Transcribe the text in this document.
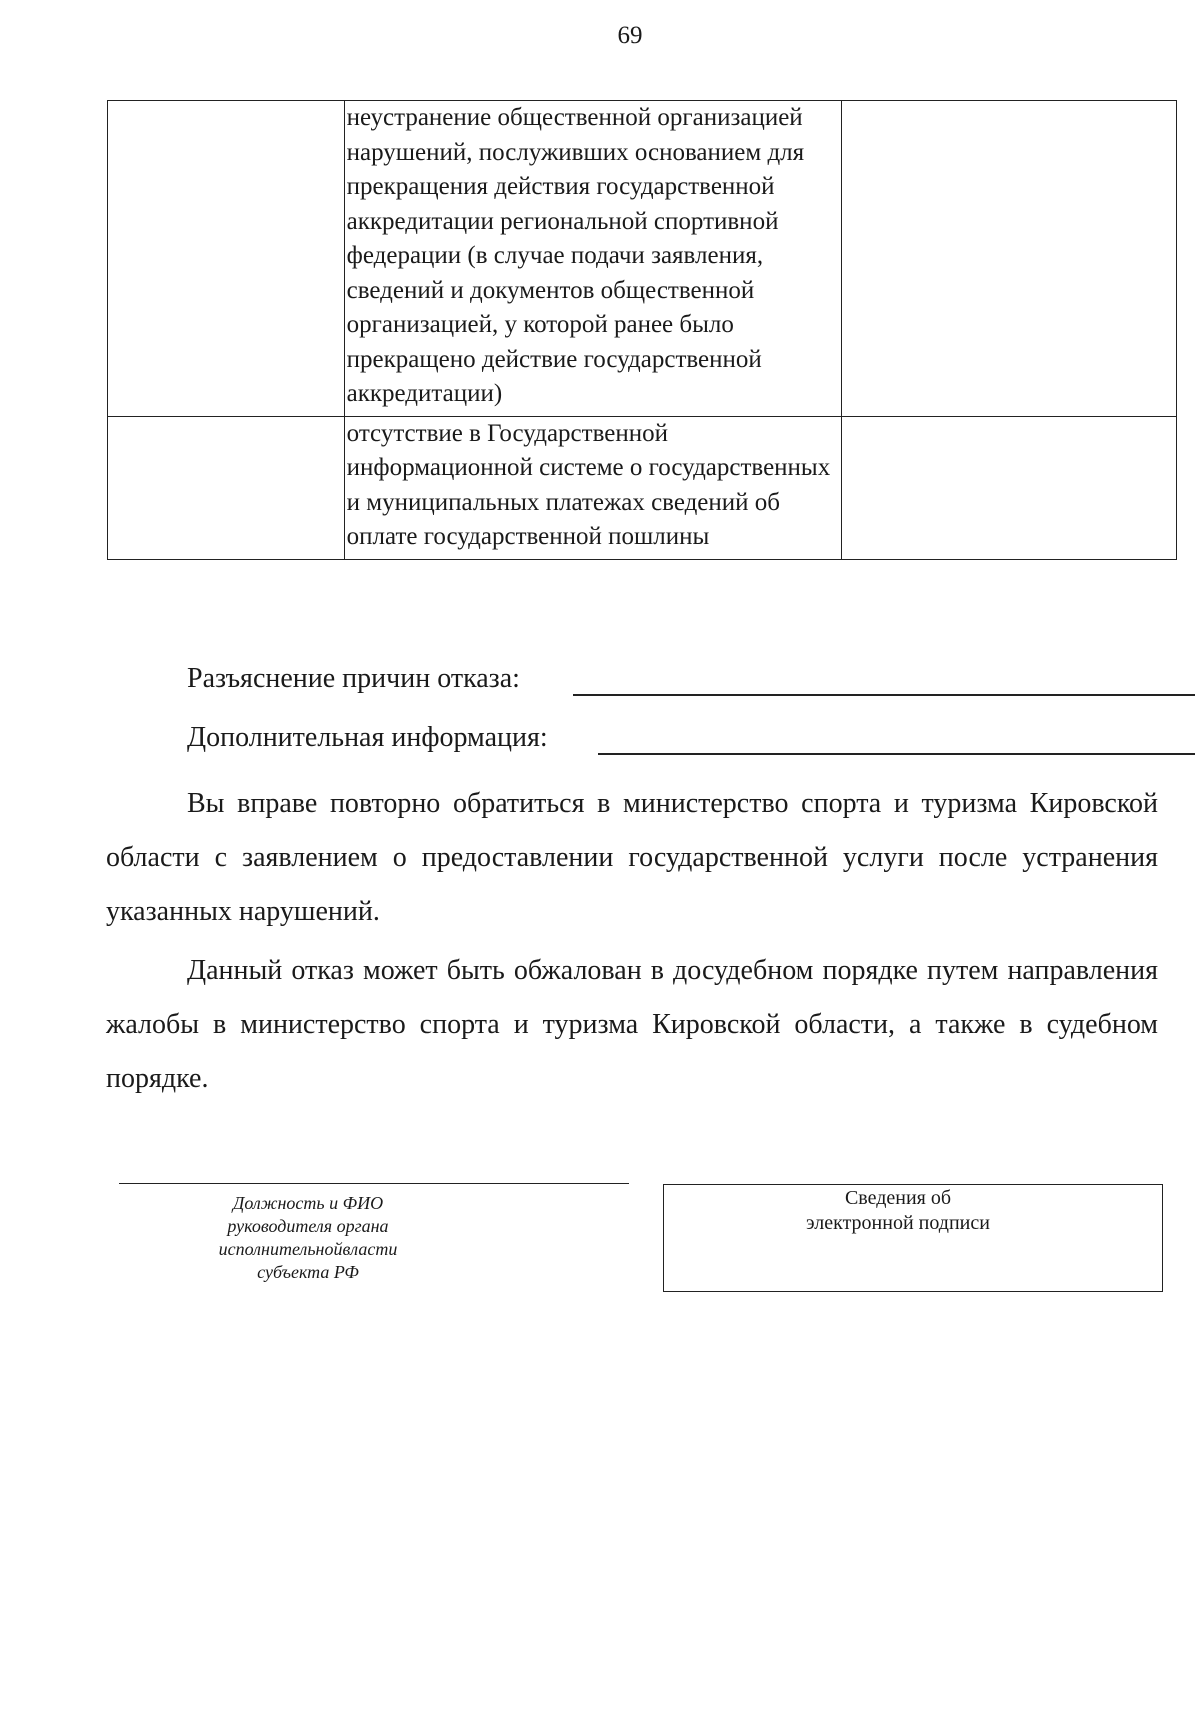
69
	неустранение общественной организацией нарушений, послуживших основанием для прекращения действия государственной аккредитации региональной спортивной федерации (в случае подачи заявления, сведений и документов общественной организацией, у которой ранее было прекращено действие государственной аккредитации)	
	отсутствие в Государственной информационной системе о государственных и муниципальных платежах сведений об оплате государственной пошлины	
Разъяснение причин отказа:
Дополнительная информация:

Вы вправе повторно обратиться в министерство спорта и туризма Кировской области с заявлением о предоставлении государственной услуги после устранения указанных нарушений.

Данный отказ может быть обжалован в досудебном порядке путем направления жалобы в министерство спорта и туризма Кировской области, а также в судебном порядке.

Должность и ФИО руководителя органа исполнительнойвласти субъекта РФ
Сведения об электронной подписи
